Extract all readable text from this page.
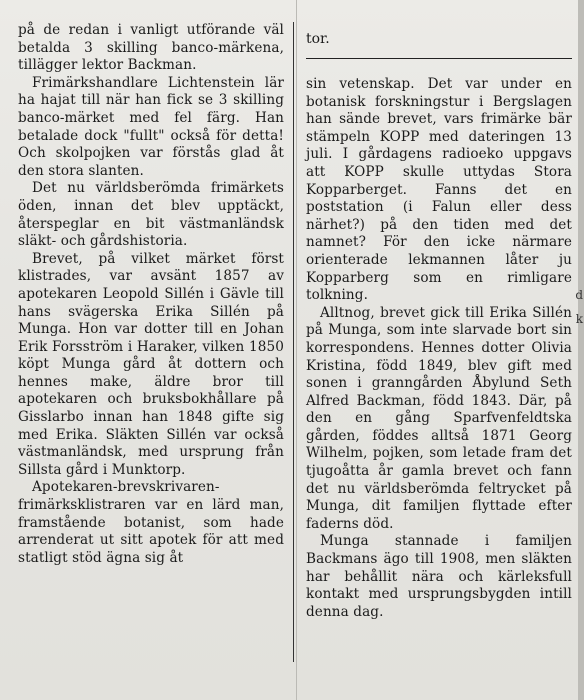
tor.

på de redan i vanligt utförande väl betalda 3 skilling banco-märkena, tillägger lektor Backman.

Frimärkshandlare Lichtenstein lär ha hajat till när han fick se 3 skilling banco-märket med fel färg. Han betalade dock "fullt" också för detta! Och skolpojken var förstås glad åt den stora slanten.

Det nu världsberömda frimärkets öden, innan det blev upptäckt, återspeglar en bit västmanländsk släkt- och gårdshistoria.

Brevet, på vilket märket först klistrades, var avsänt 1857 av apotekaren Leopold Sillén i Gävle till hans svägerska Erika Sillén på Munga. Hon var dotter till en Johan Erik Forsström i Haraker, vilken 1850 köpt Munga gård åt dottern och hennes make, äldre bror till apotekaren och bruksbokhållare på Gisslarbo innan han 1848 gifte sig med Erika. Släkten Sillén var också västmanländsk, med ursprung från Sillsta gård i Munktorp.

Apotekaren-brevskrivaren-frimärksklistraren var en lärd man, framstående botanist, som hade arrenderat ut sitt apotek för att med statligt stöd ägna sig åt

sin vetenskap. Det var under en botanisk forskningstur i Bergslagen han sände brevet, vars frimärke bär stämpeln KOPP med dateringen 13 juli. I gårdagens radioeko uppgavs att KOPP skulle uttydas Stora Kopparberget. Fanns det en poststation (i Falun eller dess närhet?) på den tiden med det namnet? För den icke närmare orienterade lekmannen låter ju Kopparberg som en rimligare tolkning.

Alltnog, brevet gick till Erika Sillén på Munga, som inte slarvade bort sin korrespondens. Hennes dotter Olivia Kristina, född 1849, blev gift med sonen i granngården Åbylund Seth Alfred Backman, född 1843. Där, på den en gång Sparfvenfeldtska gården, föddes alltså 1871 Georg Wilhelm, pojken, som letade fram det tjugoåtta år gamla brevet och fann det nu världsberömda feltrycket på Munga, dit familjen flyttade efter faderns död.

Munga stannade i familjen Backmans ägo till 1908, men släkten har behållit nära och kärleksfull kontakt med ursprungsbygden intill denna dag.

d
k
